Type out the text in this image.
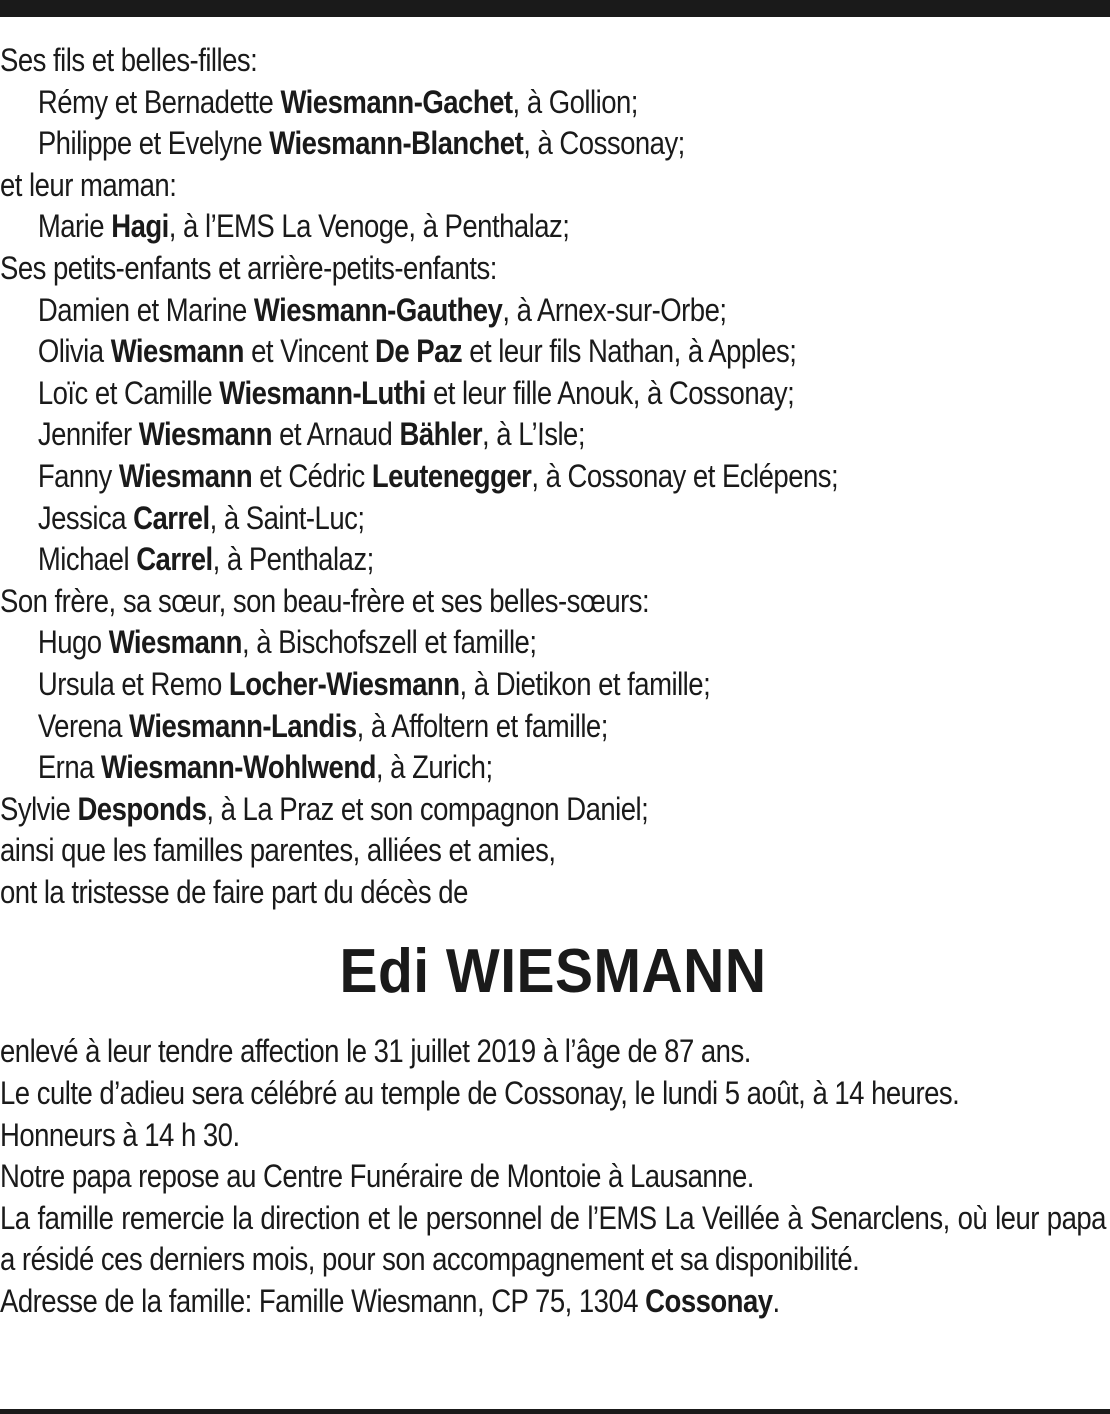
Ses fils et belles-filles:
Rémy et Bernadette Wiesmann-Gachet, à Gollion;
Philippe et Evelyne Wiesmann-Blanchet, à Cossonay;
et leur maman:
Marie Hagi, à l’EMS La Venoge, à Penthalaz;
Ses petits-enfants et arrière-petits-enfants:
Damien et Marine Wiesmann-Gauthey, à Arnex-sur-Orbe;
Olivia Wiesmann et Vincent De Paz et leur fils Nathan, à Apples;
Loïc et Camille Wiesmann-Luthi et leur fille Anouk, à Cossonay;
Jennifer Wiesmann et Arnaud Bähler, à L’Isle;
Fanny Wiesmann et Cédric Leutenegger, à Cossonay et Eclépens;
Jessica Carrel, à Saint-Luc;
Michael Carrel, à Penthalaz;
Son frère, sa sœur, son beau-frère et ses belles-sœurs:
Hugo Wiesmann, à Bischofszell et famille;
Ursula et Remo Locher-Wiesmann, à Dietikon et famille;
Verena Wiesmann-Landis, à Affoltern et famille;
Erna Wiesmann-Wohlwend, à Zurich;
Sylvie Desponds, à La Praz et son compagnon Daniel;
ainsi que les familles parentes, alliées et amies,
ont la tristesse de faire part du décès de
Edi WIESMANN
enlevé à leur tendre affection le 31 juillet 2019 à l’âge de 87 ans.
Le culte d’adieu sera célébré au temple de Cossonay, le lundi 5 août, à 14 heures.
Honneurs à 14 h 30.
Notre papa repose au Centre Funéraire de Montoie à Lausanne.
La famille remercie la direction et le personnel de l’EMS La Veillée à Senarclens, où leur papa a résidé ces derniers mois, pour son accompagnement et sa disponibilité.
Adresse de la famille: Famille Wiesmann, CP 75, 1304 Cossonay.
